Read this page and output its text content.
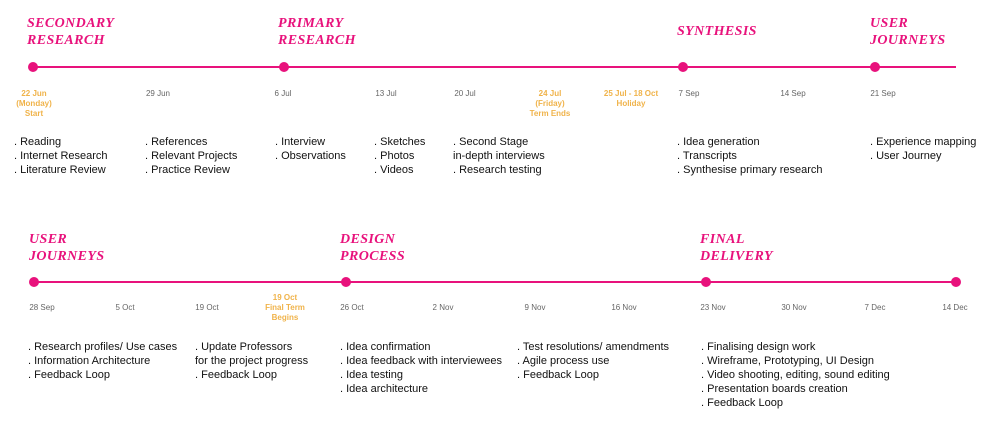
SECONDARY
RESEARCH
PRIMARY
RESEARCH
SYNTHESIS
USER
JOURNEYS
22 Jun
(Monday)
Start
29 Jun	6 Jul	13 Jul	20 Jul	24 Jul
(Friday)
Term Ends
25 Jul - 18 Oct
Holiday
7 Sep	14 Sep	21 Sep
. Reading
. Internet Research
. Literature Review
. References
. Relevant Projects
. Practice Review
. Interview
. Observations
. Sketches
. Photos
. Videos
. Second Stage
in-depth interviews
. Research testing
. Idea generation
. Transcripts
. Synthesise primary research
. Experience mapping
. User Journey
USER
JOURNEYS
DESIGN
PROCESS
FINAL
DELIVERY
28 Sep	5 Oct	19 Oct
19 Oct
Final Term
Begins
26 Oct	2 Nov	9 Nov	16 Nov	23 Nov	30 Nov	7 Dec	14 Dec
. Research profiles/ Use cases
. Information Architecture
. Feedback Loop
. Update Professors
for the project progress
. Feedback Loop
. Idea confirmation
. Idea feedback with interviewees
. Idea testing
. Idea architecture
. Test resolutions/ amendments
. Agile process use
. Feedback Loop
. Finalising design work
. Wireframe, Prototyping, UI Design
. Video shooting, editing, sound editing
. Presentation boards creation
. Feedback Loop
